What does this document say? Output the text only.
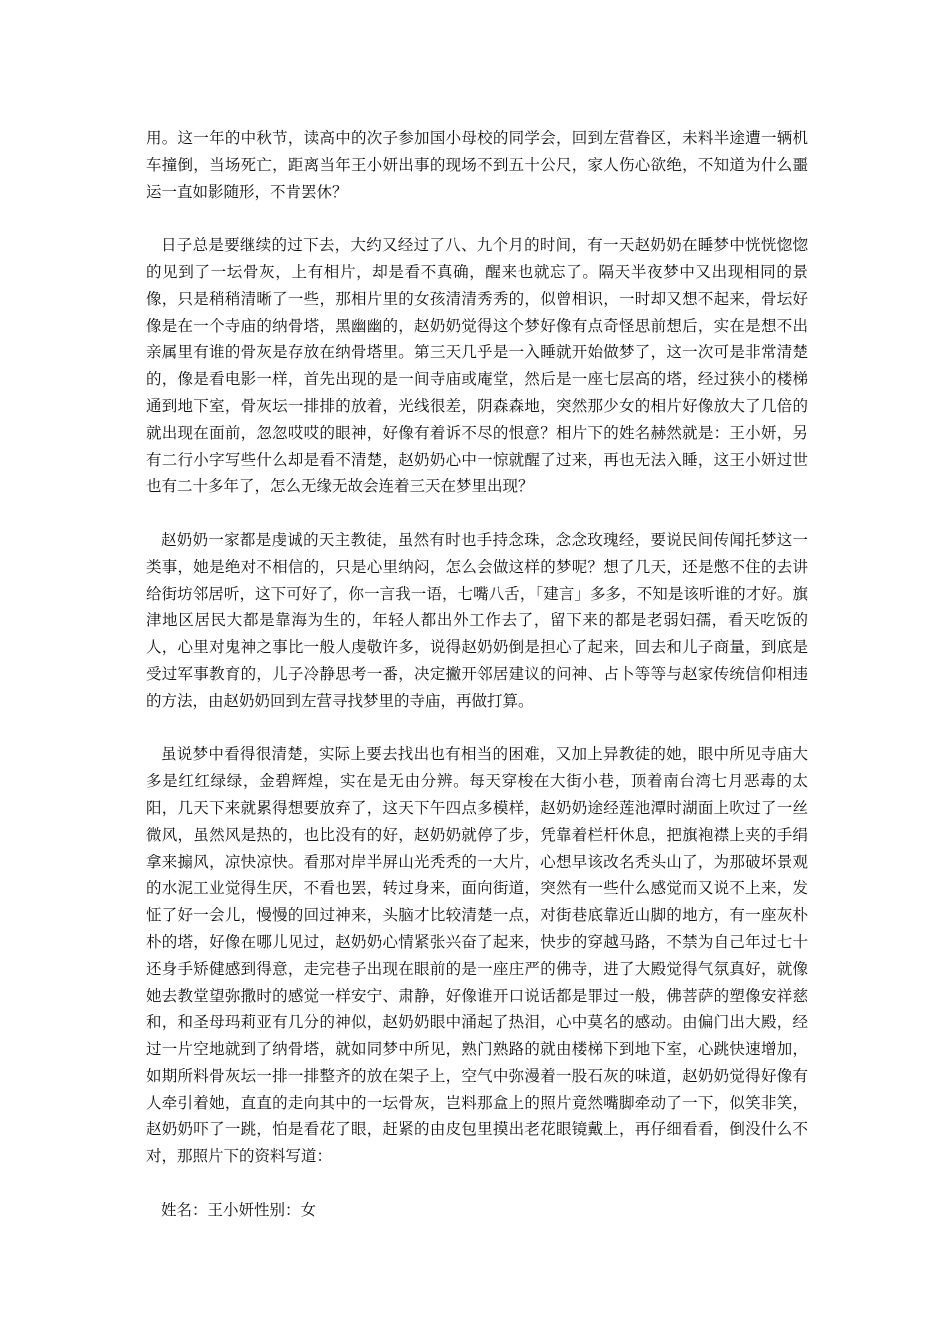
用。这一年的中秋节，读高中的次子参加国小母校的同学会，回到左营眷区，未料半途遭一辆机车撞倒，当场死亡，距离当年王小妍出事的现场不到五十公尺，家人伤心欲绝，不知道为什么噩运一直如影随形，不肯罢休？

日子总是要继续的过下去，大约又经过了八、九个月的时间，有一天赵奶奶在睡梦中恍恍惚惚的见到了一坛骨灰，上有相片，却是看不真确，醒来也就忘了。隔天半夜梦中又出现相同的景像，只是稍稍清晰了一些，那相片里的女孩清清秀秀的，似曾相识，一时却又想不起来，骨坛好像是在一个寺庙的纳骨塔，黑幽幽的，赵奶奶觉得这个梦好像有点奇怪思前想后，实在是想不出亲属里有谁的骨灰是存放在纳骨塔里。第三天几乎是一入睡就开始做梦了，这一次可是非常清楚的，像是看电影一样，首先出现的是一间寺庙或庵堂，然后是一座七层高的塔，经过狭小的楼梯通到地下室，骨灰坛一排排的放着，光线很差，阴森森地，突然那少女的相片好像放大了几倍的就出现在面前，忽忽哎哎的眼神，好像有着诉不尽的恨意？相片下的姓名赫然就是：王小妍，另有二行小字写些什么却是看不清楚，赵奶奶心中一惊就醒了过来，再也无法入睡，这王小妍过世也有二十多年了，怎么无缘无故会连着三天在梦里出现？

赵奶奶一家都是虔诚的天主教徒，虽然有时也手持念珠，念念玫瑰经，要说民间传闻托梦这一类事，她是绝对不相信的，只是心里纳闷，怎么会做这样的梦呢？想了几天，还是憋不住的去讲给街坊邻居听，这下可好了，你一言我一语，七嘴八舌，「建言」多多，不知是该听谁的才好。旗津地区居民大都是靠海为生的，年轻人都出外工作去了，留下来的都是老弱妇孺，看天吃饭的人，心里对鬼神之事比一般人虔敬许多，说得赵奶奶倒是担心了起来，回去和儿子商量，到底是受过军事教育的，儿子冷静思考一番，决定撇开邻居建议的问神、占卜等等与赵家传统信仰相违的方法，由赵奶奶回到左营寻找梦里的寺庙，再做打算。

虽说梦中看得很清楚，实际上要去找出也有相当的困难，又加上异教徒的她，眼中所见寺庙大多是红红绿绿，金碧辉煌，实在是无由分辨。每天穿梭在大街小巷，顶着南台湾七月恶毒的太阳，几天下来就累得想要放弃了，这天下午四点多模样，赵奶奶途经莲池潭时湖面上吹过了一丝微风，虽然风是热的，也比没有的好，赵奶奶就停了步，凭靠着栏杆休息，把旗袍襟上夹的手绢拿来搧风，凉快凉快。看那对岸半屏山光秃秃的一大片，心想早该改名秃头山了，为那破坏景观的水泥工业觉得生厌，不看也罢，转过身来，面向街道，突然有一些什么感觉而又说不上来，发怔了好一会儿，慢慢的回过神来，头脑才比较清楚一点，对街巷底靠近山脚的地方，有一座灰朴朴的塔，好像在哪儿见过，赵奶奶心情紧张兴奋了起来，快步的穿越马路，不禁为自己年过七十还身手矫健感到得意，走完巷子出现在眼前的是一座庄严的佛寺，进了大殿觉得气氛真好，就像她去教堂望弥撒时的感觉一样安宁、肃静，好像谁开口说话都是罪过一般，佛菩萨的塑像安祥慈和，和圣母玛莉亚有几分的神似，赵奶奶眼中涌起了热泪，心中莫名的感动。由偏门出大殿，经过一片空地就到了纳骨塔，就如同梦中所见，熟门熟路的就由楼梯下到地下室，心跳快速增加，如期所料骨灰坛一排一排整齐的放在架子上，空气中弥漫着一股石灰的味道，赵奶奶觉得好像有人牵引着她，直直的走向其中的一坛骨灰，岂料那盒上的照片竟然嘴脚牵动了一下，似笑非笑，赵奶奶吓了一跳，怕是看花了眼，赶紧的由皮包里摸出老花眼镜戴上，再仔细看看，倒没什么不对，那照片下的资料写道：

姓名：王小妍性别：女
